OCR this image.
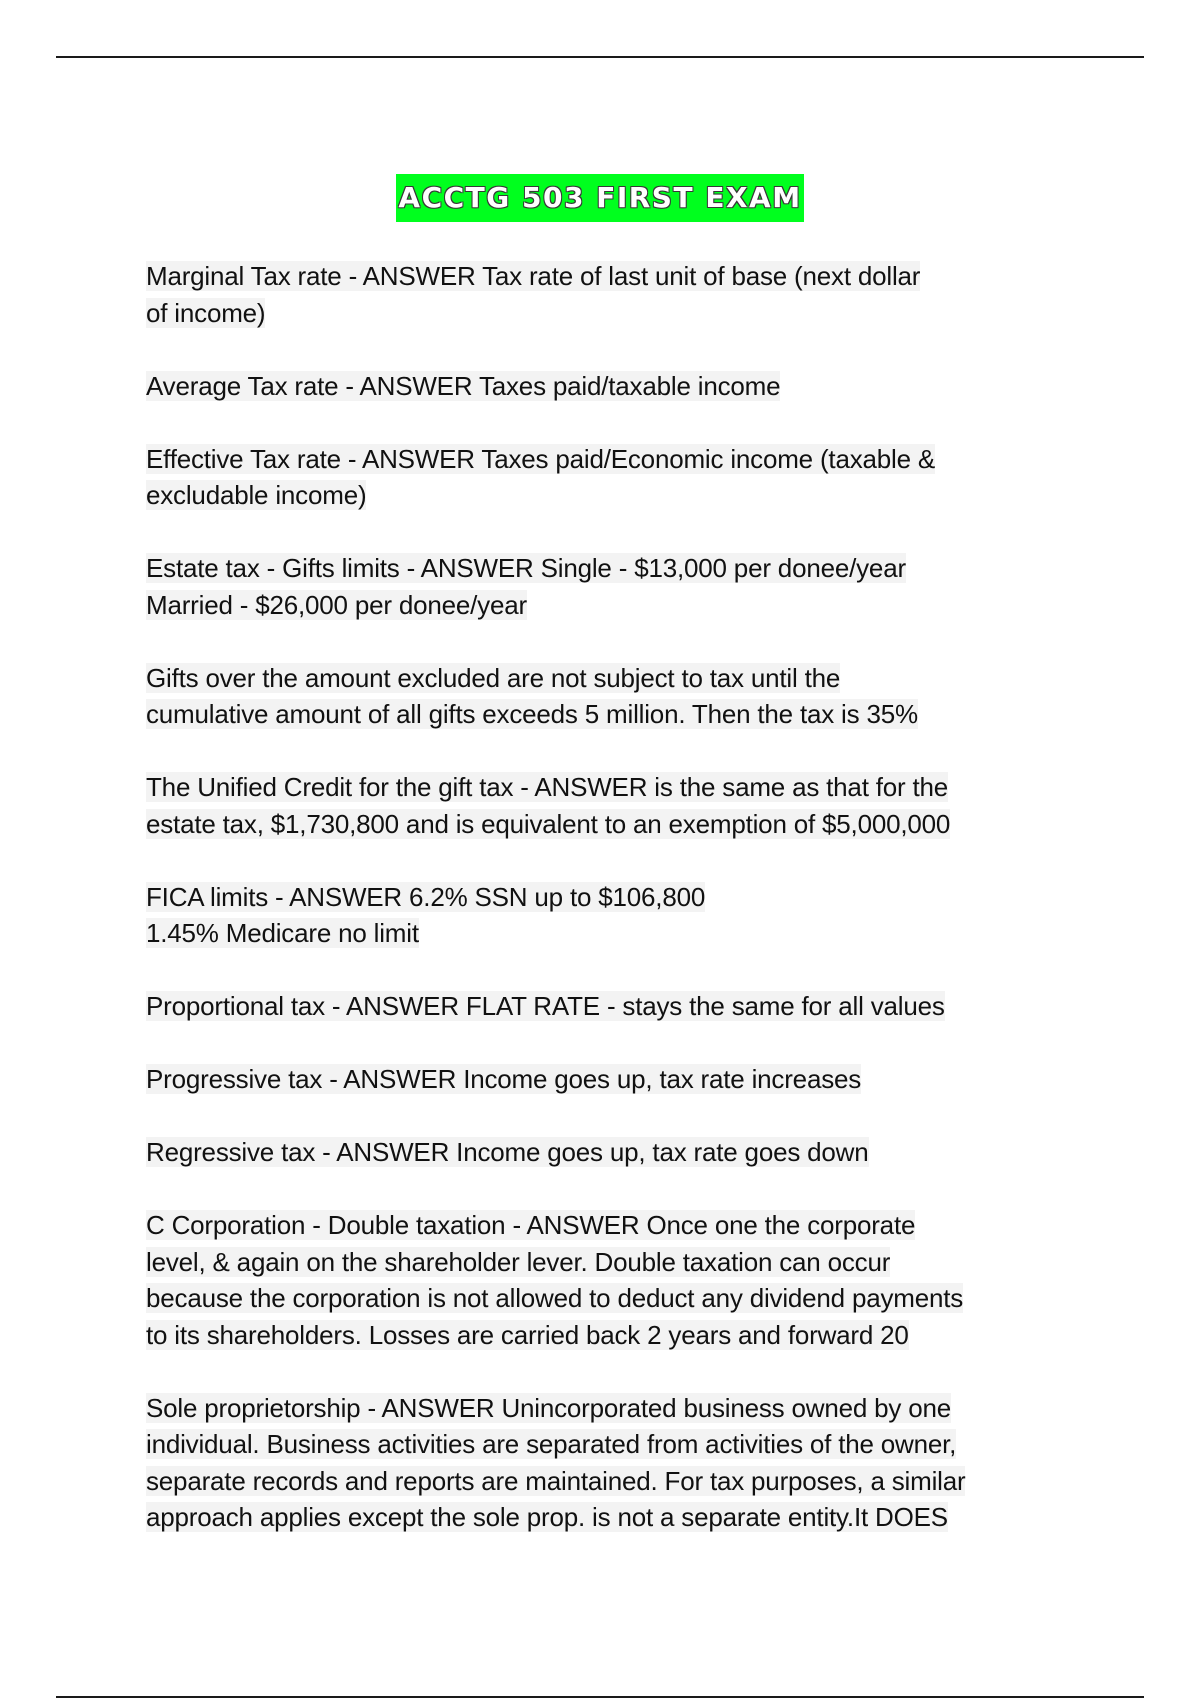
ACCTG 503 FIRST EXAM
Marginal Tax rate - ANSWER Tax rate of last unit of base (next dollar
of income)
Average Tax rate - ANSWER Taxes paid/taxable income
Effective Tax rate - ANSWER Taxes paid/Economic income (taxable &
excludable income)
Estate tax - Gifts limits - ANSWER Single - $13,000 per donee/year
Married - $26,000 per donee/year
Gifts over the amount excluded are not subject to tax until the
cumulative amount of all gifts exceeds 5 million. Then the tax is 35%
The Unified Credit for the gift tax - ANSWER is the same as that for the
estate tax, $1,730,800 and is equivalent to an exemption of $5,000,000
FICA limits - ANSWER 6.2% SSN up to $106,800
1.45% Medicare no limit
Proportional tax - ANSWER FLAT RATE - stays the same for all values
Progressive tax - ANSWER Income goes up, tax rate increases
Regressive tax - ANSWER Income goes up, tax rate goes down
C Corporation - Double taxation - ANSWER Once one the corporate
level, & again on the shareholder lever. Double taxation can occur
because the corporation is not allowed to deduct any dividend payments
to its shareholders. Losses are carried back 2 years and forward 20
Sole proprietorship - ANSWER Unincorporated business owned by one
individual. Business activities are separated from activities of the owner,
separate records and reports are maintained. For tax purposes, a similar
approach applies except the sole prop. is not a separate entity.It DOES
